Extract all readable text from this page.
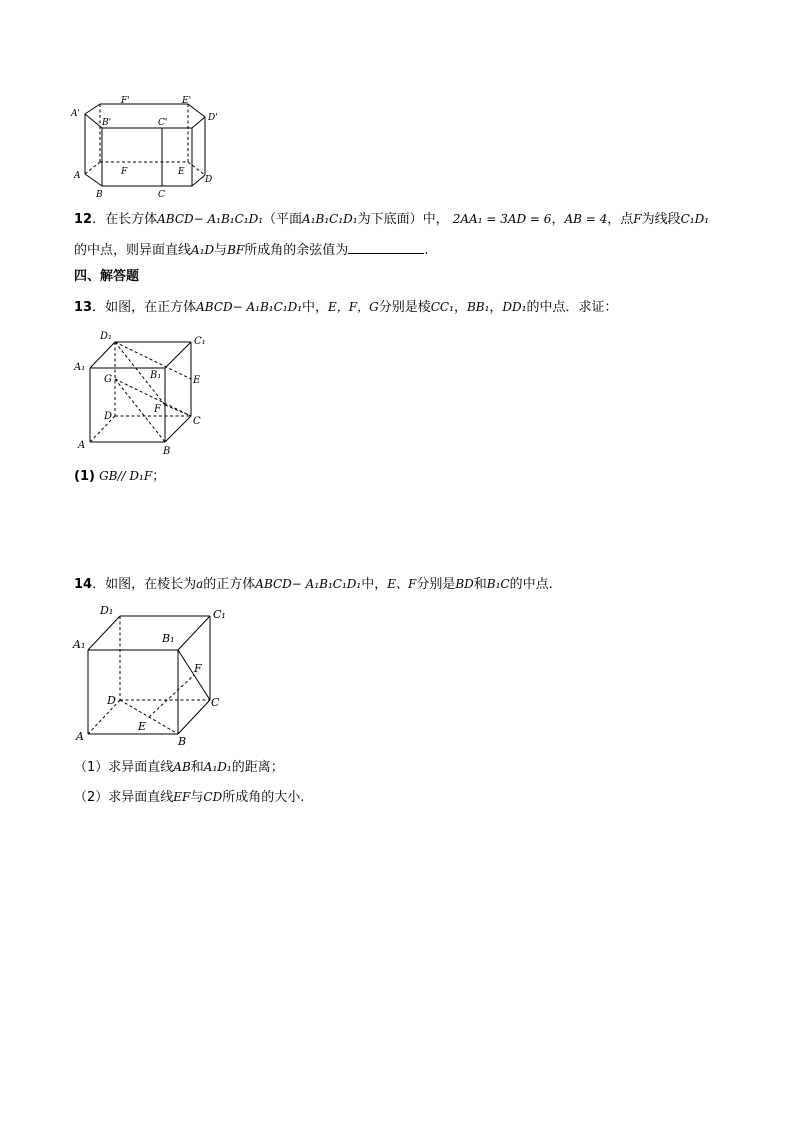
A'
F'	E'
D'
B'	C'
A	F	E
D
B	C
12．在长方体ABCD− A₁B₁C₁D₁（平面A₁B₁C₁D₁为下底面）中， 2AA₁ = 3AD = 6，AB = 4，点F为线段C₁D₁
的中点，则异面直线A₁D与BF所成角的余弦值为	.
四、解答题
13．如图，在正方体ABCD− A₁B₁C₁D₁中，E，F，G分别是棱CC₁，BB₁，DD₁的中点．求证：
D₁	C₁
A₁
B₁
G	E
F
D	C
A
B
(1) GB// D₁F；
14．如图，在棱长为a的正方体ABCD− A₁B₁C₁D₁中，E、F分别是BD和B₁C的中点.
D₁	C₁
A₁	B₁
F
D	C
E
A	B
（1）求异面直线AB和A₁D₁的距离；
（2）求异面直线EF与CD所成角的大小.
